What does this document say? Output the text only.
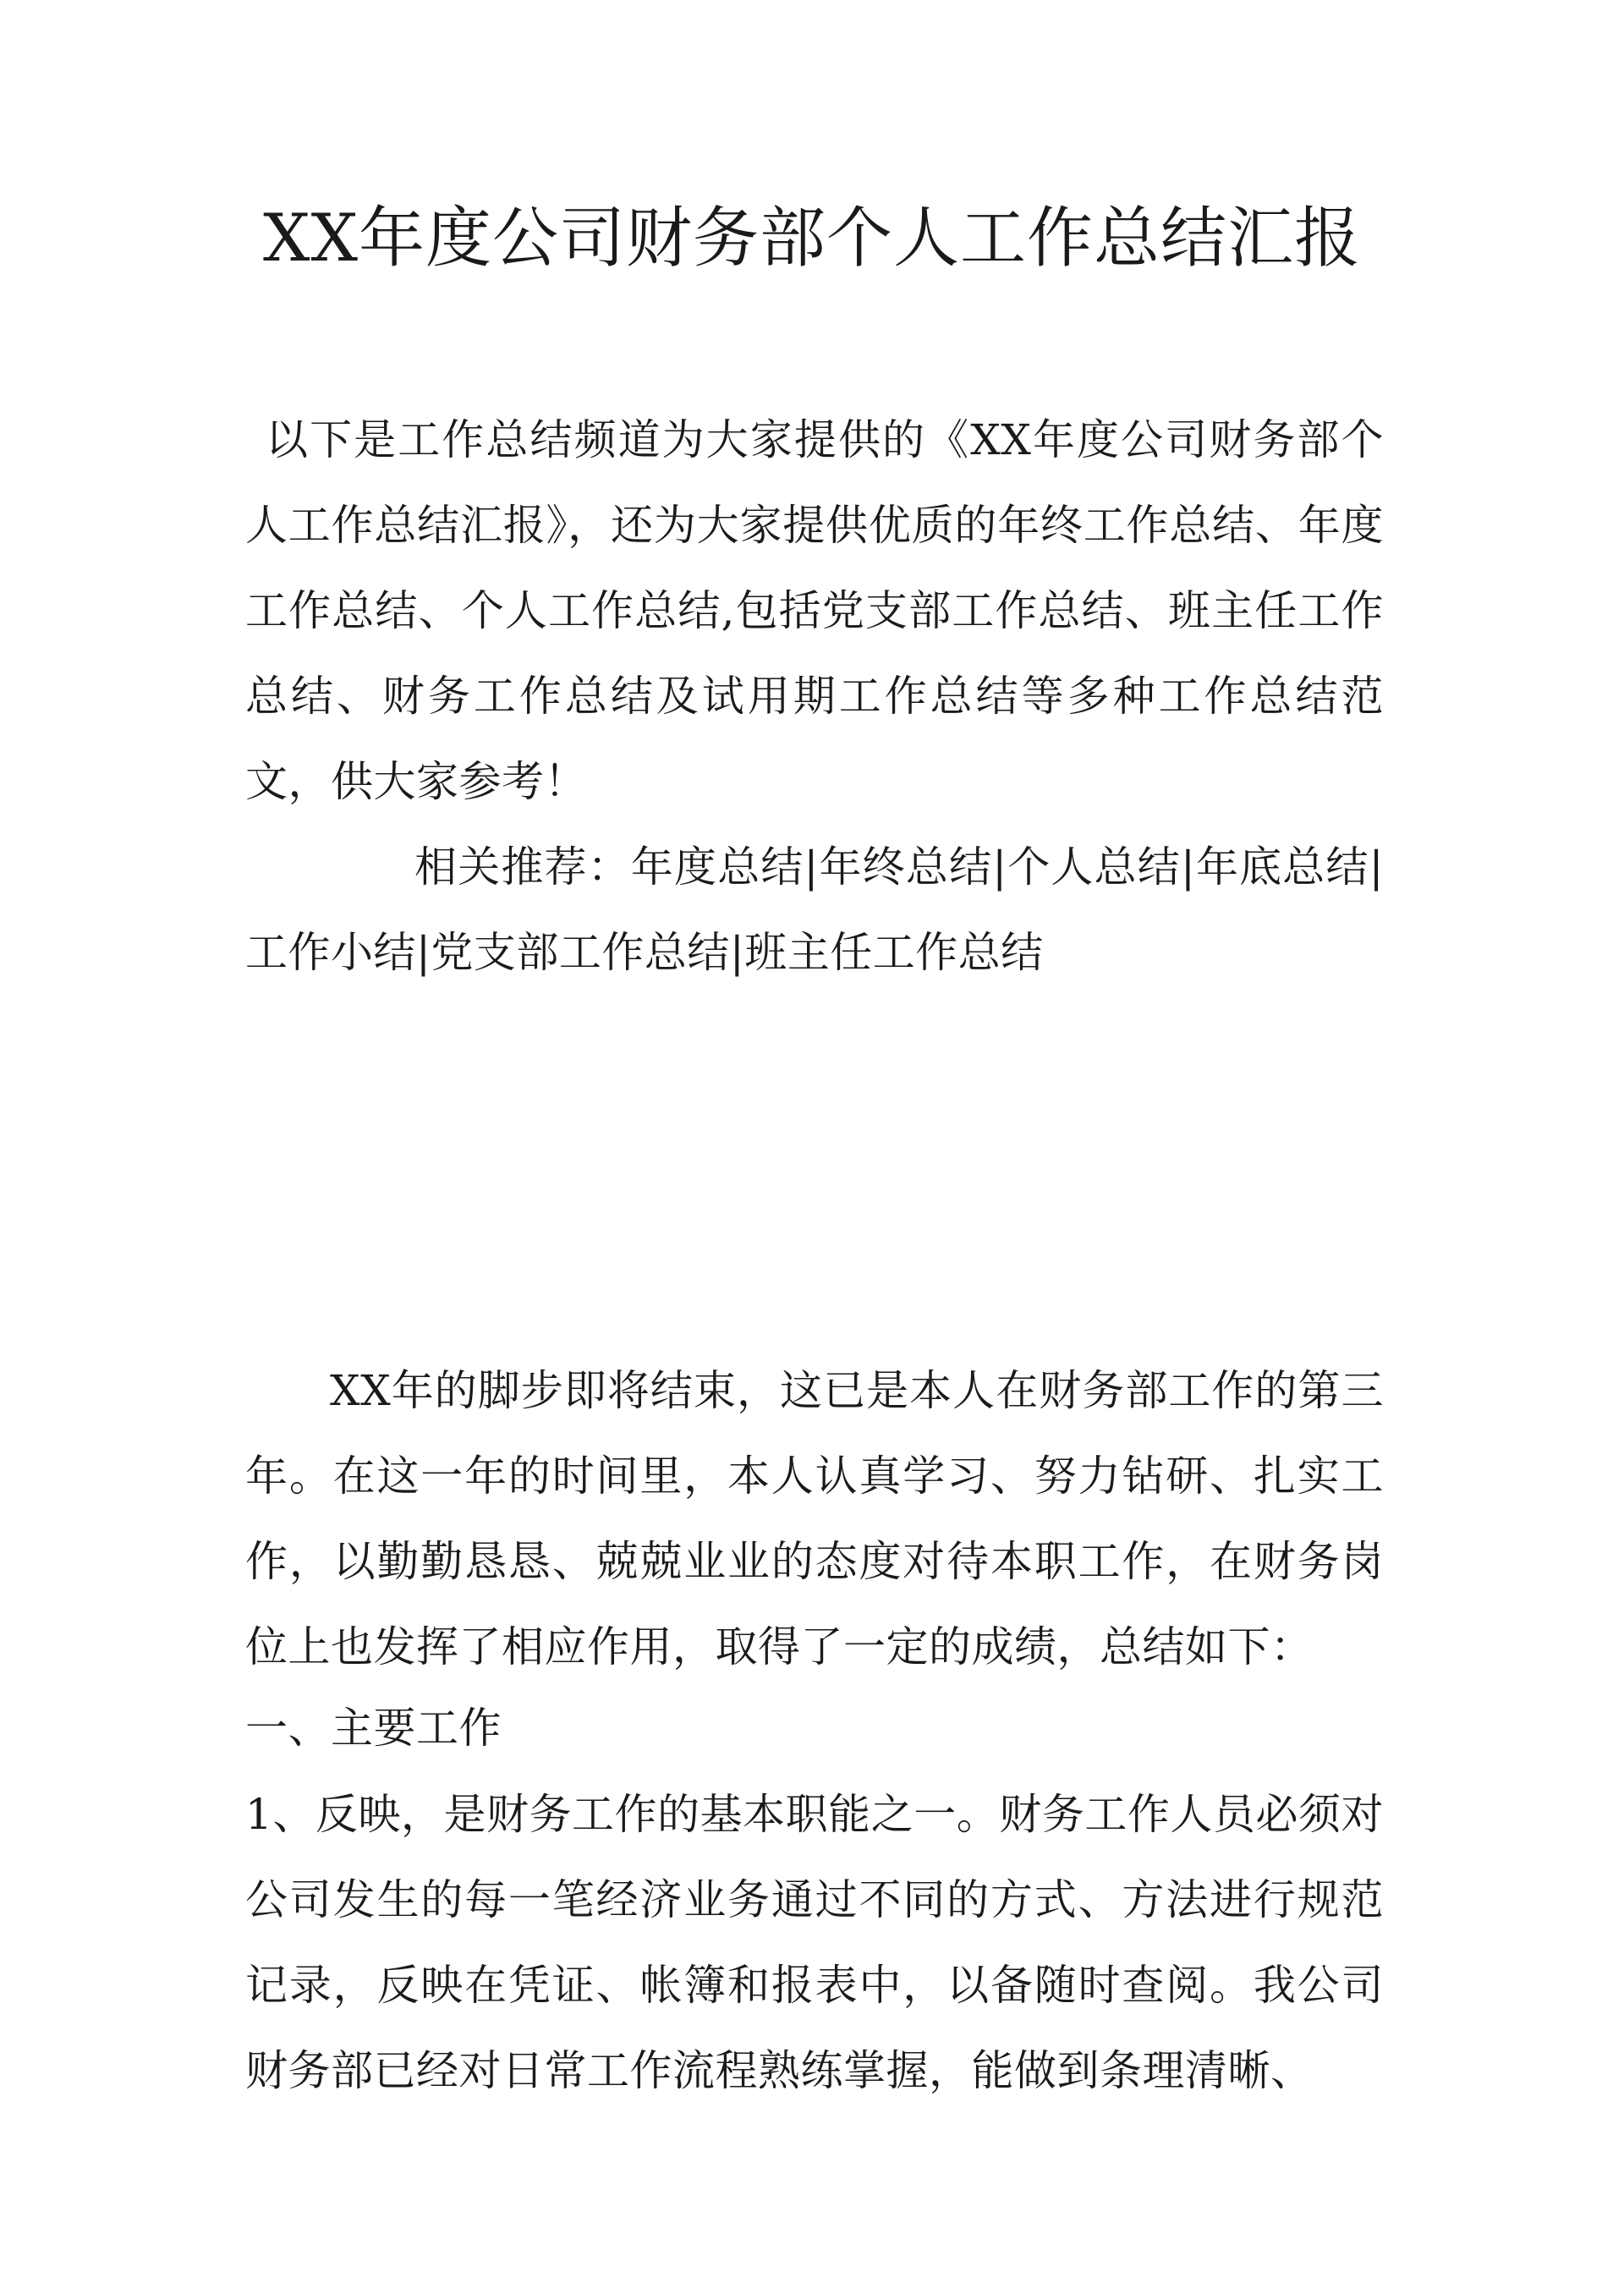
XX年度公司财务部个人工作总结汇报
以下是工作总结频道为大家提供的《XX年度公司财务部个人工作总结汇报》，还为大家提供优质的年终工作总结、年度工作总结、个人工作总结,包括党支部工作总结、班主任工作总结、财务工作总结及试用期工作总结等多种工作总结范文，供大家参考！
相关推荐：年度总结|年终总结|个人总结|年底总结|工作小结|党支部工作总结|班主任工作总结
XX年的脚步即将结束，这已是本人在财务部工作的第三年。在这一年的时间里，本人认真学习、努力钻研、扎实工作，以勤勤恳恳、兢兢业业的态度对待本职工作，在财务岗位上也发挥了相应作用，取得了一定的成绩，总结如下：
一、主要工作
1、反映，是财务工作的基本职能之一。财务工作人员必须对公司发生的每一笔经济业务通过不同的方式、方法进行规范记录，反映在凭证、帐簿和报表中，以备随时查阅。我公司财务部已经对日常工作流程熟练掌握，能做到条理清晰、
